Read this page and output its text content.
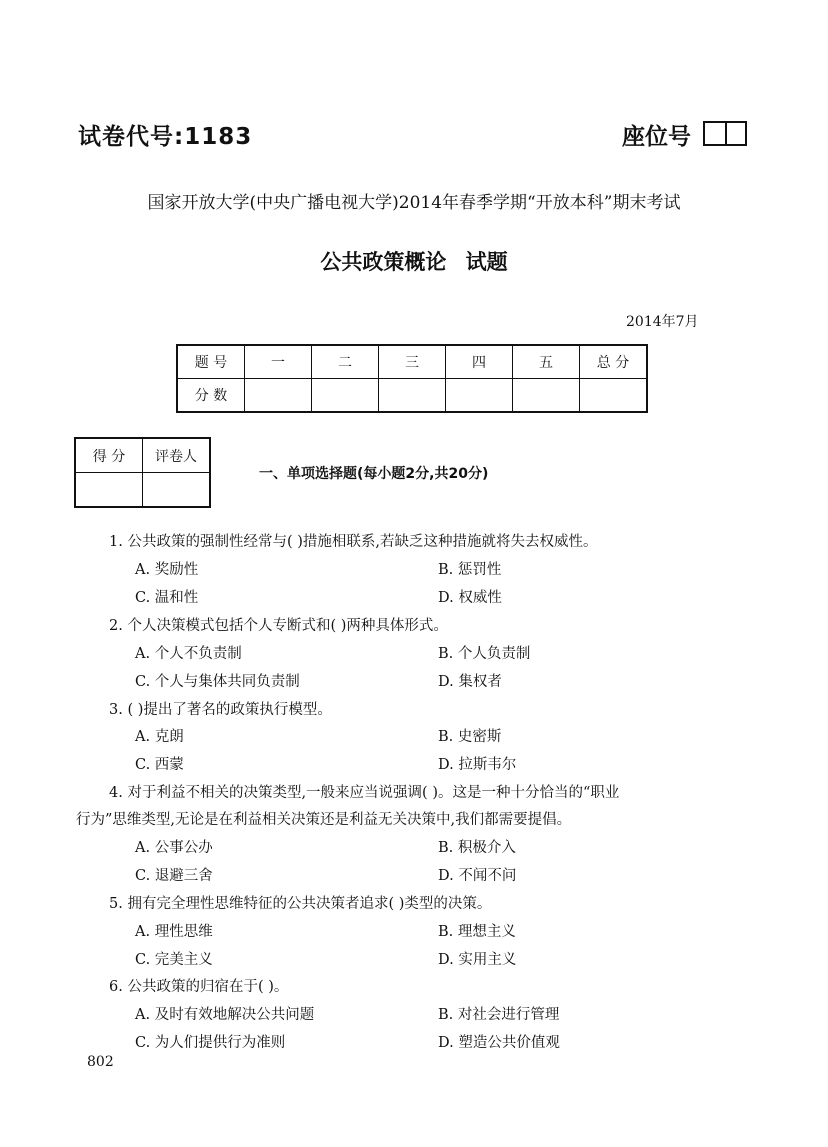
试卷代号:1183	座位号
国家开放大学(中央广播电视大学)2014年春季学期“开放本科”期末考试
公共政策概论 试题
2014年7月
题 号	一	二	三	四	五	总 分
分 数						
得 分	评卷人

一、单项选择题(每小题2分,共20分)
1. 公共政策的强制性经常与( )措施相联系,若缺乏这种措施就将失去权威性。
A. 奖励性	B. 惩罚性
C. 温和性	D. 权威性
2. 个人决策模式包括个人专断式和( )两种具体形式。
A. 个人不负责制	B. 个人负责制
C. 个人与集体共同负责制	D. 集权者
3. ( )提出了著名的政策执行模型。
A. 克朗	B. 史密斯
C. 西蒙	D. 拉斯韦尔
4. 对于利益不相关的决策类型,一般来应当说强调( )。这是一种十分恰当的“职业
行为”思维类型,无论是在利益相关决策还是利益无关决策中,我们都需要提倡。
A. 公事公办	B. 积极介入
C. 退避三舍	D. 不闻不问
5. 拥有完全理性思维特征的公共决策者追求( )类型的决策。
A. 理性思维	B. 理想主义
C. 完美主义	D. 实用主义
6. 公共政策的归宿在于( )。
A. 及时有效地解决公共问题	B. 对社会进行管理
C. 为人们提供行为准则	D. 塑造公共价值观
802
